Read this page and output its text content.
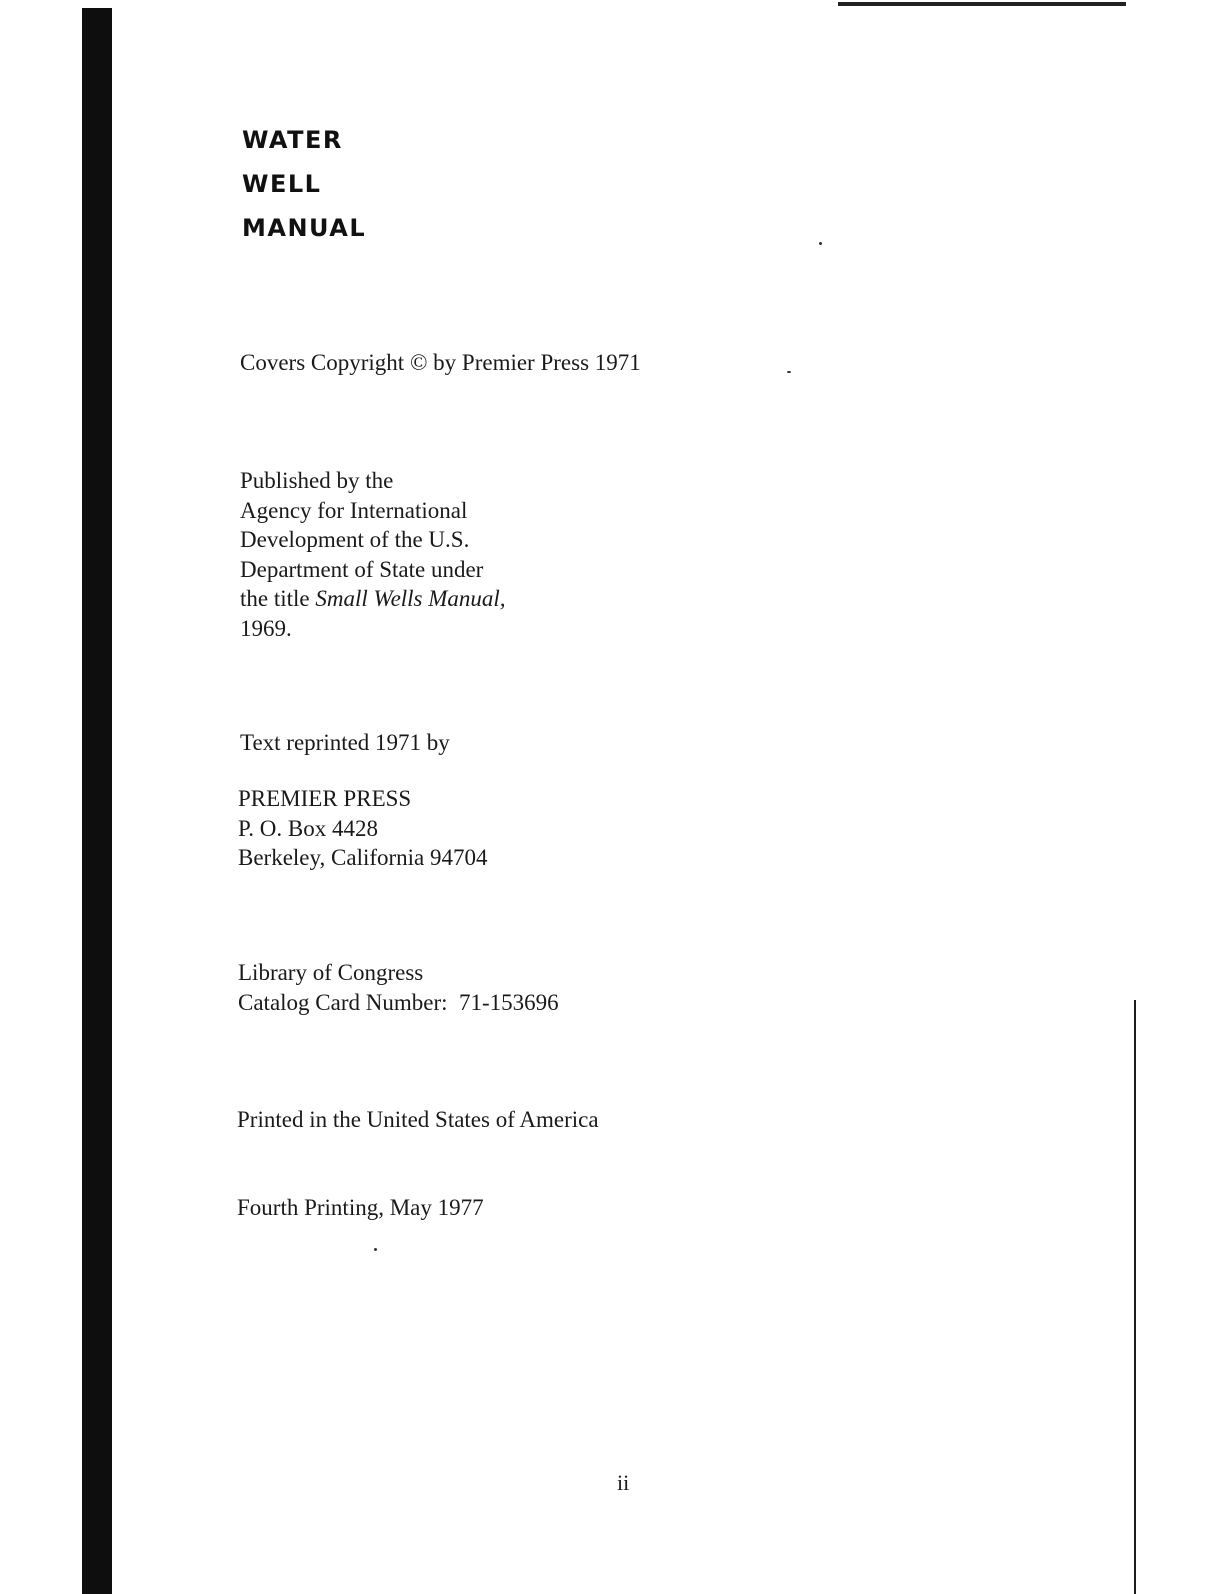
WATER

WELL

MANUAL

Covers Copyright © by Premier Press 1971
Published by the
Agency for International
Development of the U.S.
Department of State under
the title Small Wells Manual,
1969.
Text reprinted 1971 by
PREMIER PRESS
P. O. Box 4428
Berkeley, California 94704
Library of Congress
Catalog Card Number:  71-153696
Printed in the United States of America
Fourth Printing, May 1977
ii
